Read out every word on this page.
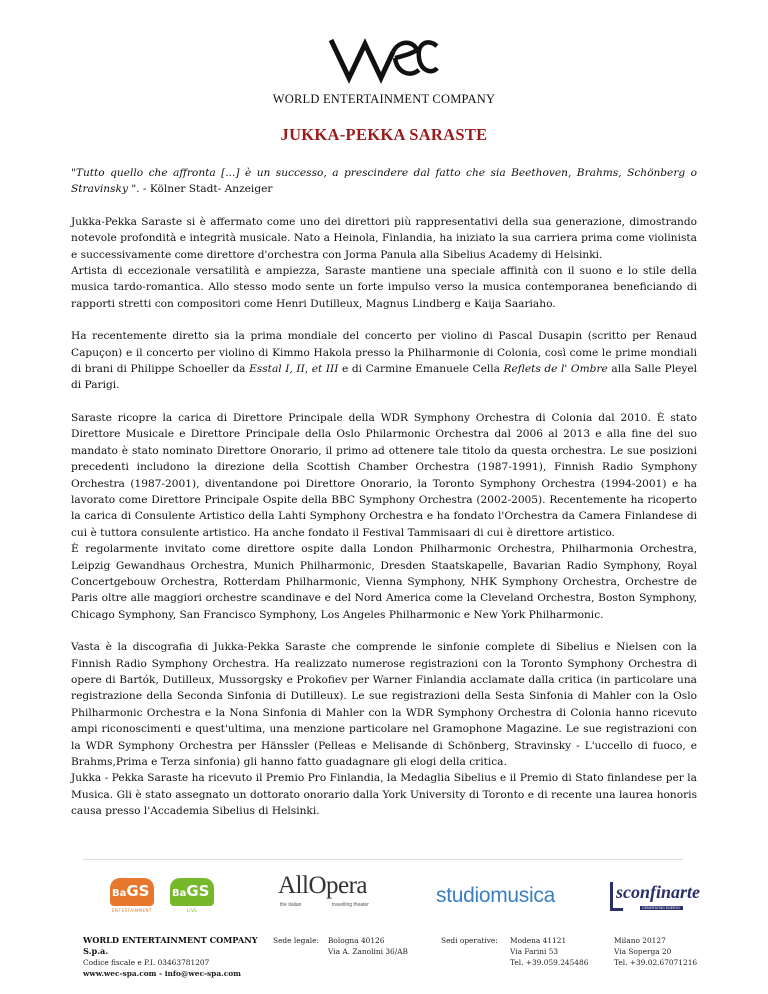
WORLD ENTERTAINMENT COMPANY
JUKKA-PEKKA SARASTE

"Tutto quello che affronta [...] è un successo, a prescindere dal fatto che sia Beethoven, Brahms, Schönberg o Stravinsky ". - Kölner Stadt- Anzeiger

Jukka-Pekka Saraste si è affermato come uno dei direttori più rappresentativi della sua generazione, dimostrando notevole profondità e integrità musicale. Nato a Heinola, Finlandia, ha iniziato la sua carriera prima come violinista e successivamente come direttore d'orchestra con Jorma Panula alla Sibelius Academy di Helsinki.

Artista di eccezionale versatilità e ampiezza, Saraste mantiene una speciale affinità con il suono e lo stile della musica tardo-romantica. Allo stesso modo sente un forte impulso verso la musica contemporanea beneficiando di rapporti stretti con compositori come Henri Dutilleux, Magnus Lindberg e Kaija Saariaho.

Ha recentemente diretto sia la prima mondiale del concerto per violino di Pascal Dusapin (scritto per Renaud Capuçon) e il concerto per violino di Kimmo Hakola presso la Philharmonie di Colonia, così come le prime mondiali di brani di Philippe Schoeller da Esstal I, II, et III e di Carmine Emanuele Cella Reflets de l' Ombre alla Salle Pleyel di Parigi.

Saraste ricopre la carica di Direttore Principale della WDR Symphony Orchestra di Colonia dal 2010. È stato Direttore Musicale e Direttore Principale della Oslo Philarmonic Orchestra dal 2006 al 2013 e alla fine del suo mandato è stato nominato Direttore Onorario, il primo ad ottenere tale titolo da questa orchestra. Le sue posizioni precedenti includono la direzione della Scottish Chamber Orchestra (1987-1991), Finnish Radio Symphony Orchestra (1987-2001), diventandone poi Direttore Onorario, la Toronto Symphony Orchestra (1994-2001) e ha lavorato come Direttore Principale Ospite della BBC Symphony Orchestra (2002-2005). Recentemente ha ricoperto la carica di Consulente Artistico della Lahti Symphony Orchestra e ha fondato l'Orchestra da Camera Finlandese di cui è tuttora consulente artistico. Ha anche fondato il Festival Tammisaari di cui è direttore artistico.

È regolarmente invitato come direttore ospite dalla London Philharmonic Orchestra, Philharmonia Orchestra, Leipzig Gewandhaus Orchestra, Munich Philharmonic, Dresden Staatskapelle, Bavarian Radio Symphony, Royal Concertgebouw Orchestra, Rotterdam Philharmonic, Vienna Symphony, NHK Symphony Orchestra, Orchestre de Paris oltre alle maggiori orchestre scandinave e del Nord America come la Cleveland Orchestra, Boston Symphony, Chicago Symphony, San Francisco Symphony, Los Angeles Philharmonic e New York Philharmonic.

Vasta è la discografia di Jukka-Pekka Saraste che comprende le sinfonie complete di Sibelius e Nielsen con la Finnish Radio Symphony Orchestra. Ha realizzato numerose registrazioni con la Toronto Symphony Orchestra di opere di Bartók, Dutilleux, Mussorgsky e Prokofiev per Warner Finlandia acclamate dalla critica (in particolare una registrazione della Seconda Sinfonia di Dutilleux). Le sue registrazioni della Sesta Sinfonia di Mahler con la Oslo Philharmonic Orchestra e la Nona Sinfonia di Mahler con la WDR Symphony Orchestra di Colonia hanno ricevuto ampi riconoscimenti e quest'ultima, una menzione particolare nel Gramophone Magazine. Le sue registrazioni con la WDR Symphony Orchestra per Hänssler (Pelleas e Melisande di Schönberg, Stravinsky - L'uccello di fuoco, e Brahms,Prima e Terza sinfonia) gli hanno fatto guadagnare gli elogi della critica.

Jukka - Pekka Saraste ha ricevuto il Premio Pro Finlandia, la Medaglia Sibelius e il Premio di Stato finlandese per la Musica. Gli è stato assegnato un dottorato onorario dalla York University di Toronto e di recente una laurea honoris causa presso l'Accademia Sibelius di Helsinki.

BaGS
ENTERTAINMENT
BaGS
LIVE
AllOpera
the italian	travelling theater	studiomusica	sconfinarte
GENERATING ENERGY
WORLD ENTERTAINMENT COMPANY S.p.a.
Codice fiscale e P.I. 03463781207
www.wec-spa.com - info@wec-spa.com
Sede legale:	Bologna 40126
Via A. Zanolini 36/AB
Sedi operative:	Modena 41121
Via Farini 53
Tel. +39.059.245486
Milano 20127
Via Soperga 20
Tel. +39.02.67071216
